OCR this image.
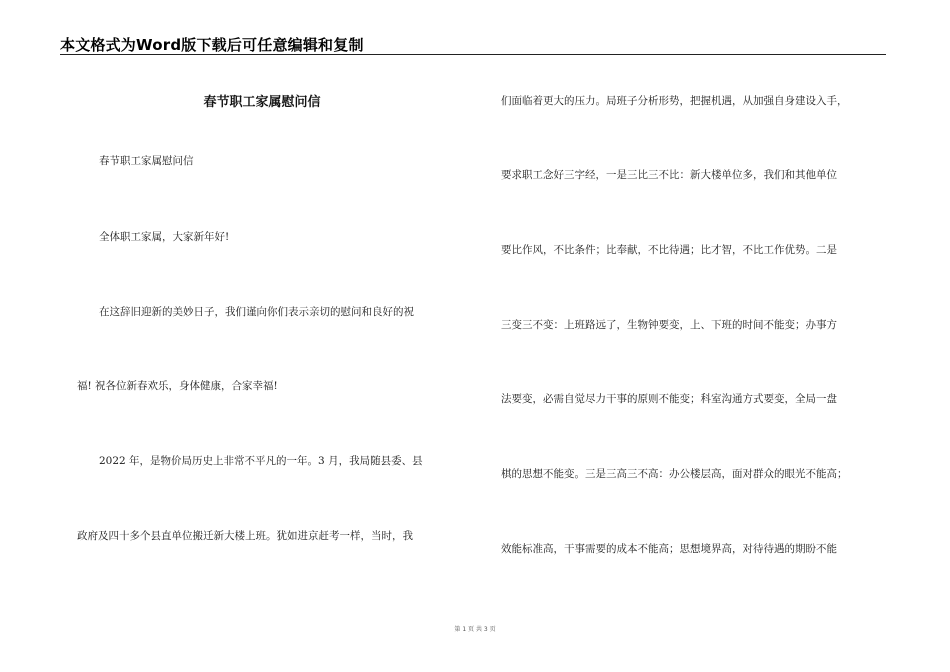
本文格式为Word版下载后可任意编辑和复制
春节职工家属慰问信
春节职工家属慰问信
全体职工家属，大家新年好!
在这辞旧迎新的美妙日子，我们谨向你们表示亲切的慰问和良好的祝
福! 祝各位新春欢乐，身体健康，合家幸福!
2022 年，是物价局历史上非常不平凡的一年。3 月，我局随县委、县
政府及四十多个县直单位搬迁新大楼上班。犹如进京赶考一样，当时，我
们面临着更大的压力。局班子分析形势，把握机遇，从加强自身建设入手，
要求职工念好三字经，一是三比三不比：新大楼单位多，我们和其他单位
要比作风，不比条件；比奉献，不比待遇；比才智，不比工作优势。二是
三变三不变：上班路远了，生物钟要变，上、下班的时间不能变；办事方
法要变，必需自觉尽力干事的原则不能变；科室沟通方式要变，全局一盘
棋的思想不能变。三是三高三不高：办公楼层高，面对群众的眼光不能高；
效能标准高，干事需要的成本不能高；思想境界高，对待待遇的期盼不能
第 1 页 共 3 页
